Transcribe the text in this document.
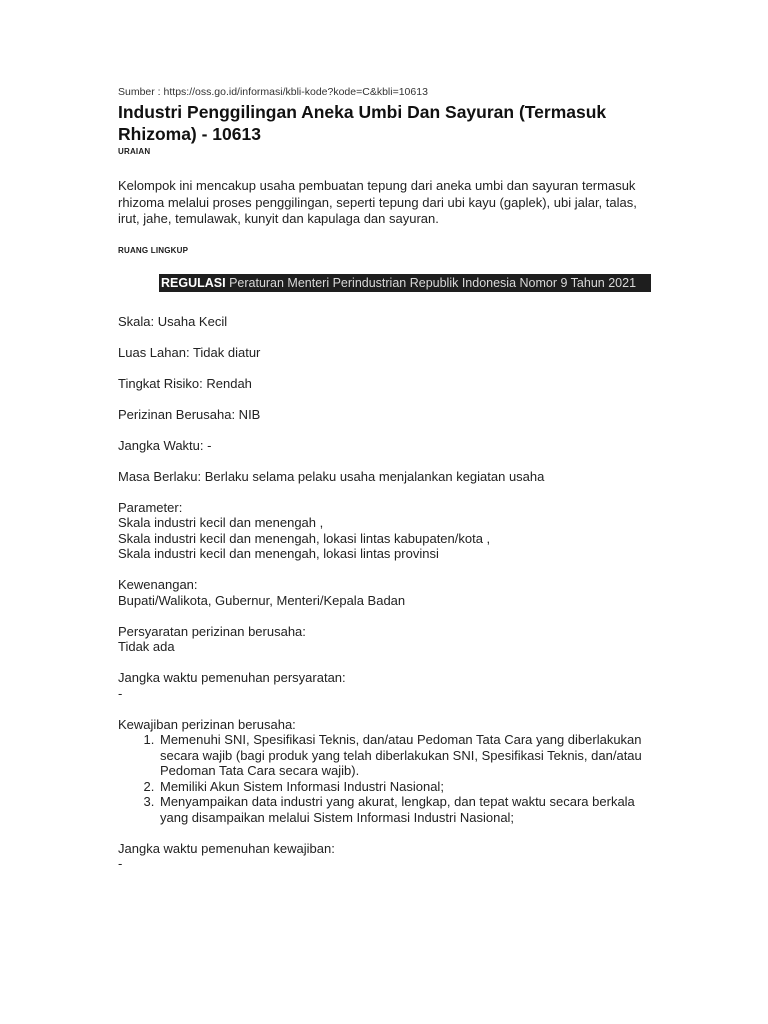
Sumber : https://oss.go.id/informasi/kbli-kode?kode=C&kbli=10613

Industri Penggilingan Aneka Umbi Dan Sayuran (Termasuk Rhizoma) - 10613

URAIAN

Kelompok ini mencakup usaha pembuatan tepung dari aneka umbi dan sayuran termasuk rhizoma melalui proses penggilingan, seperti tepung dari ubi kayu (gaplek), ubi jalar, talas, irut, jahe, temulawak, kunyit dan kapulaga dan sayuran.

RUANG LINGKUP

REGULASI Peraturan Menteri Perindustrian Republik Indonesia Nomor 9 Tahun 2021

Skala: Usaha Kecil

Luas Lahan: Tidak diatur

Tingkat Risiko: Rendah

Perizinan Berusaha: NIB

Jangka Waktu: -

Masa Berlaku: Berlaku selama pelaku usaha menjalankan kegiatan usaha

Parameter:
Skala industri kecil dan menengah ,
Skala industri kecil dan menengah, lokasi lintas kabupaten/kota ,
Skala industri kecil dan menengah, lokasi lintas provinsi
Kewenangan:
Bupati/Walikota, Gubernur, Menteri/Kepala Badan
Persyaratan perizinan berusaha:
Tidak ada
Jangka waktu pemenuhan persyaratan:
-
Kewajiban perizinan berusaha:
1. Memenuhi SNI, Spesifikasi Teknis, dan/atau Pedoman Tata Cara yang diberlakukan secara wajib (bagi produk yang telah diberlakukan SNI, Spesifikasi Teknis, dan/atau Pedoman Tata Cara secara wajib).
2. Memiliki Akun Sistem Informasi Industri Nasional;
3. Menyampaikan data industri yang akurat, lengkap, dan tepat waktu secara berkala yang disampaikan melalui Sistem Informasi Industri Nasional;
Jangka waktu pemenuhan kewajiban:
-
